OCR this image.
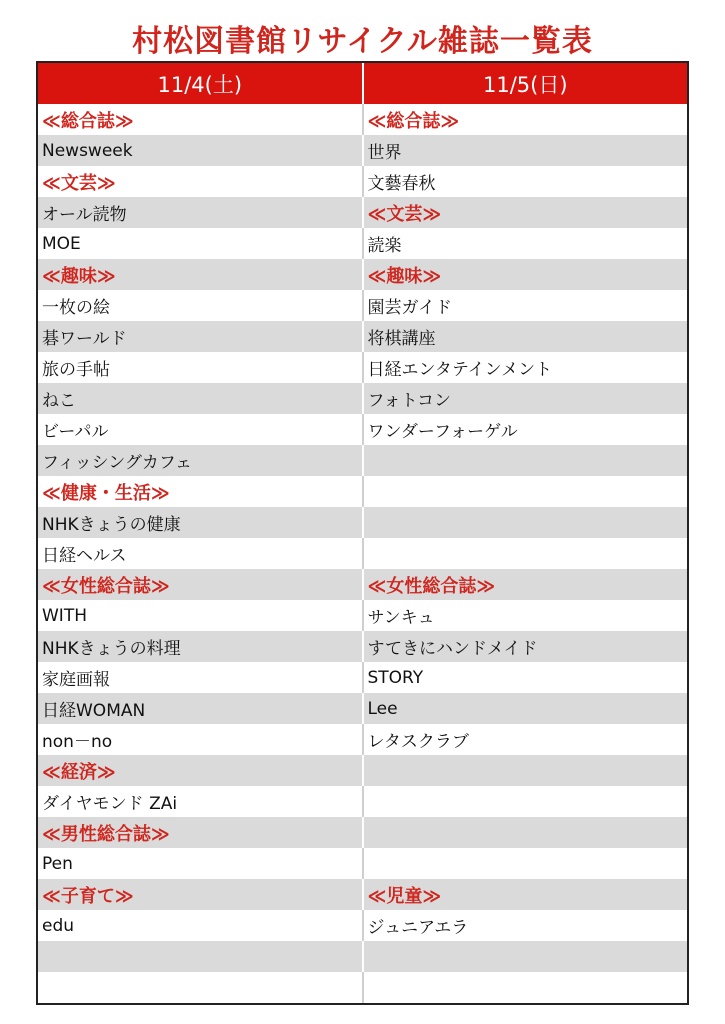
村松図書館リサイクル雑誌一覧表
11/4(土)	11/5(日)
≪総合誌≫	≪総合誌≫
Newsweek	世界
≪文芸≫	文藝春秋
オール読物	≪文芸≫
MOE	読楽
≪趣味≫	≪趣味≫
一枚の絵	園芸ガイド
碁ワールド	将棋講座
旅の手帖	日経エンタテインメント
ねこ	フォトコン
ビーパル	ワンダーフォーゲル
フィッシングカフェ
≪健康・生活≫
NHKきょうの健康
日経ヘルス
≪女性総合誌≫	≪女性総合誌≫
WITH	サンキュ
NHKきょうの料理	すてきにハンドメイド
家庭画報	STORY
日経WOMAN	Lee
non－no	レタスクラブ
≪経済≫
ダイヤモンド ZAi
≪男性総合誌≫
Pen
≪子育て≫	≪児童≫
edu	ジュニアエラ
